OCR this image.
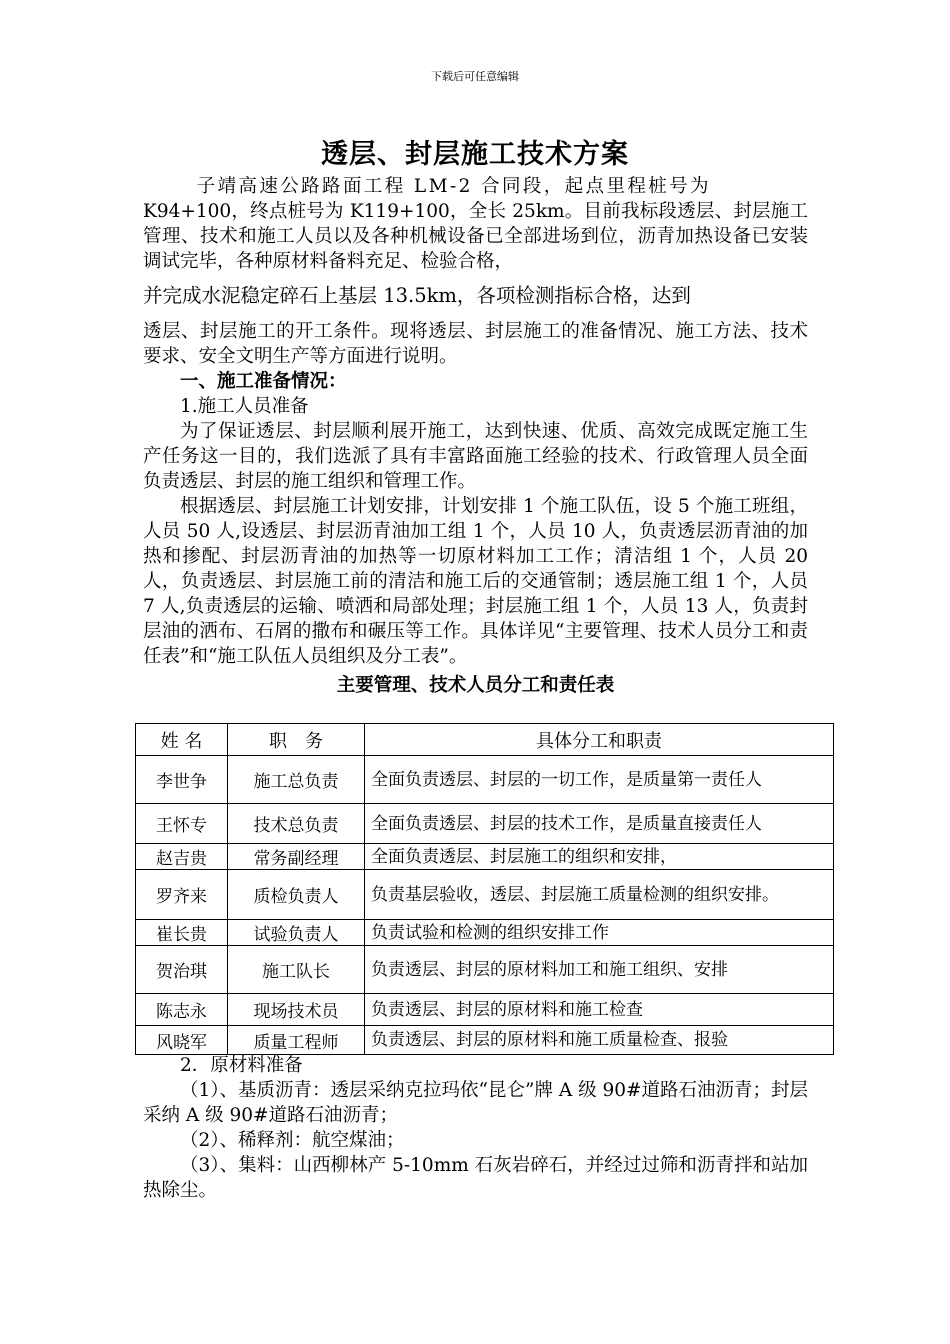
下载后可任意编辑
透层、封层施工技术方案

子靖高速公路路面工程 LM-2 合同段，起点里程桩号为

K94+100，终点桩号为 K119+100，全长 25km。目前我标段透层、封层施工管理、技术和施工人员以及各种机械设备已全部进场到位，沥青加热设备已安装调试完毕，各种原材料备料充足、检验合格，

并完成水泥稳定碎石上基层 13.5km，各项检测指标合格，达到

透层、封层施工的开工条件。现将透层、封层施工的准备情况、施工方法、技术要求、安全文明生产等方面进行说明。

一、施工准备情况：

1.施工人员准备

为了保证透层、封层顺利展开施工，达到快速、优质、高效完成既定施工生产任务这一目的，我们选派了具有丰富路面施工经验的技术、行政管理人员全面负责透层、封层的施工组织和管理工作。

根据透层、封层施工计划安排，计划安排 1 个施工队伍，设 5 个施工班组，人员 50 人,设透层、封层沥青油加工组 1 个，人员 10 人，负责透层沥青油的加热和掺配、封层沥青油的加热等一切原材料加工工作；清洁组 1 个，人员 20 人，负责透层、封层施工前的清洁和施工后的交通管制；透层施工组 1 个，人员 7 人,负责透层的运输、喷洒和局部处理；封层施工组 1 个，人员 13 人，负责封层油的洒布、石屑的撒布和碾压等工作。具体详见“主要管理、技术人员分工和责任表”和“施工队伍人员组织及分工表”。

主要管理、技术人员分工和责任表

姓 名	职　务	具体分工和职责
李世争	施工总负责	全面负责透层、封层的一切工作，是质量第一责任人
王怀专	技术总负责	全面负责透层、封层的技术工作，是质量直接责任人
赵吉贵	常务副经理	全面负责透层、封层施工的组织和安排，
罗齐来	质检负责人	负责基层验收，透层、封层施工质量检测的组织安排。
崔长贵	试验负责人	负责试验和检测的组织安排工作
贺治琪	施工队长	负责透层、封层的原材料加工和施工组织、安排
陈志永	现场技术员	负责透层、封层的原材料和施工检查
风晓军	质量工程师	负责透层、封层的原材料和施工质量检查、报验

2．原材料准备

（1）、基质沥青：透层采纳克拉玛依“昆仑”牌 A 级 90#道路石油沥青；封层采纳 A 级 90#道路石油沥青；

（2）、稀释剂：航空煤油；

（3）、集料：山西柳林产 5-10mm 石灰岩碎石，并经过过筛和沥青拌和站加热除尘。
